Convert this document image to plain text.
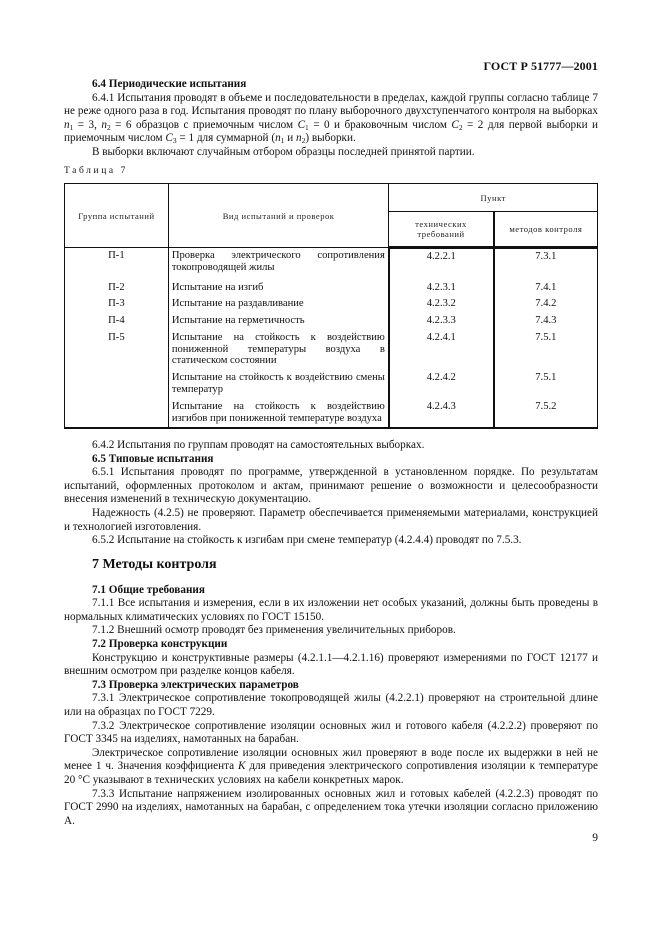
ГОСТ Р 51777—2001

6.4 Периодические испытания

6.4.1 Испытания проводят в объеме и последовательности в пределах, каждой группы согласно таблице 7 не реже одного раза в год. Испытания проводят по плану выборочного двухступенчатого контроля на выборках $n_1 = 3$, $n_2 = 6$ образцов с приемочным числом $C_1 = 0$ и браковочным числом $C_2 = 2$ для первой выборки и приемочным числом $C_3 = 1$ для суммарной ($n_1$ и $n_2$) выборки.

В выборки включают случайным отбором образцы последней принятой партии.

Таблица 7
Группа испытаний	Вид испытаний и проверок	Пункт	
		технических требований	методов контроля
П-1	Проверка электрического сопротивления токопроводящей жилы	4.2.2.1	7.3.1
П-2	Испытание на изгиб	4.2.3.1	7.4.1
П-3	Испытание на раздавливание	4.2.3.2	7.4.2
П-4	Испытание на герметичность	4.2.3.3	7.4.3
П-5	Испытание на стойкость к воздействию пониженной температуры воздуха в статическом состоянии	4.2.4.1	7.5.1
	Испытание на стойкость к воздействию смены температур	4.2.4.2	7.5.1
	Испытание на стойкость к воздействию изгибов при пониженной температуре воздуха	4.2.4.3	7.5.2

6.4.2 Испытания по группам проводят на самостоятельных выборках.

6.5 Типовые испытания

6.5.1 Испытания проводят по программе, утвержденной в установленном порядке. По результатам испытаний, оформленных протоколом и актам, принимают решение о возможности и целесообразности внесения изменений в техническую документацию.

Надежность (4.2.5) не проверяют. Параметр обеспечивается применяемыми материалами, конструкцией и технологией изготовления.

6.5.2 Испытание на стойкость к изгибам при смене температур (4.2.4.4) проводят по 7.5.3.

7 Методы контроля

7.1 Общие требования

7.1.1 Все испытания и измерения, если в их изложении нет особых указаний, должны быть проведены в нормальных климатических условиях по ГОСТ 15150.

7.1.2 Внешний осмотр проводят без применения увеличительных приборов.

7.2 Проверка конструкции

Конструкцию и конструктивные размеры (4.2.1.1—4.2.1.16) проверяют измерениями по ГОСТ 12177 и внешним осмотром при разделке концов кабеля.

7.3 Проверка электрических параметров

7.3.1 Электрическое сопротивление токопроводящей жилы (4.2.2.1) проверяют на строительной длине или на образцах по ГОСТ 7229.

7.3.2 Электрическое сопротивление изоляции основных жил и готового кабеля (4.2.2.2) проверяют по ГОСТ 3345 на изделиях, намотанных на барабан.

Электрическое сопротивление изоляции основных жил проверяют в воде после их выдержки в ней не менее 1 ч. Значения коэффициента K для приведения электрического сопротивления изоляции к температуре 20 °С указывают в технических условиях на кабели конкретных марок.

7.3.3 Испытание напряжением изолированных основных жил и готовых кабелей (4.2.2.3) проводят по ГОСТ 2990 на изделиях, намотанных на барабан, с определением тока утечки изоляции согласно приложению А.

9
